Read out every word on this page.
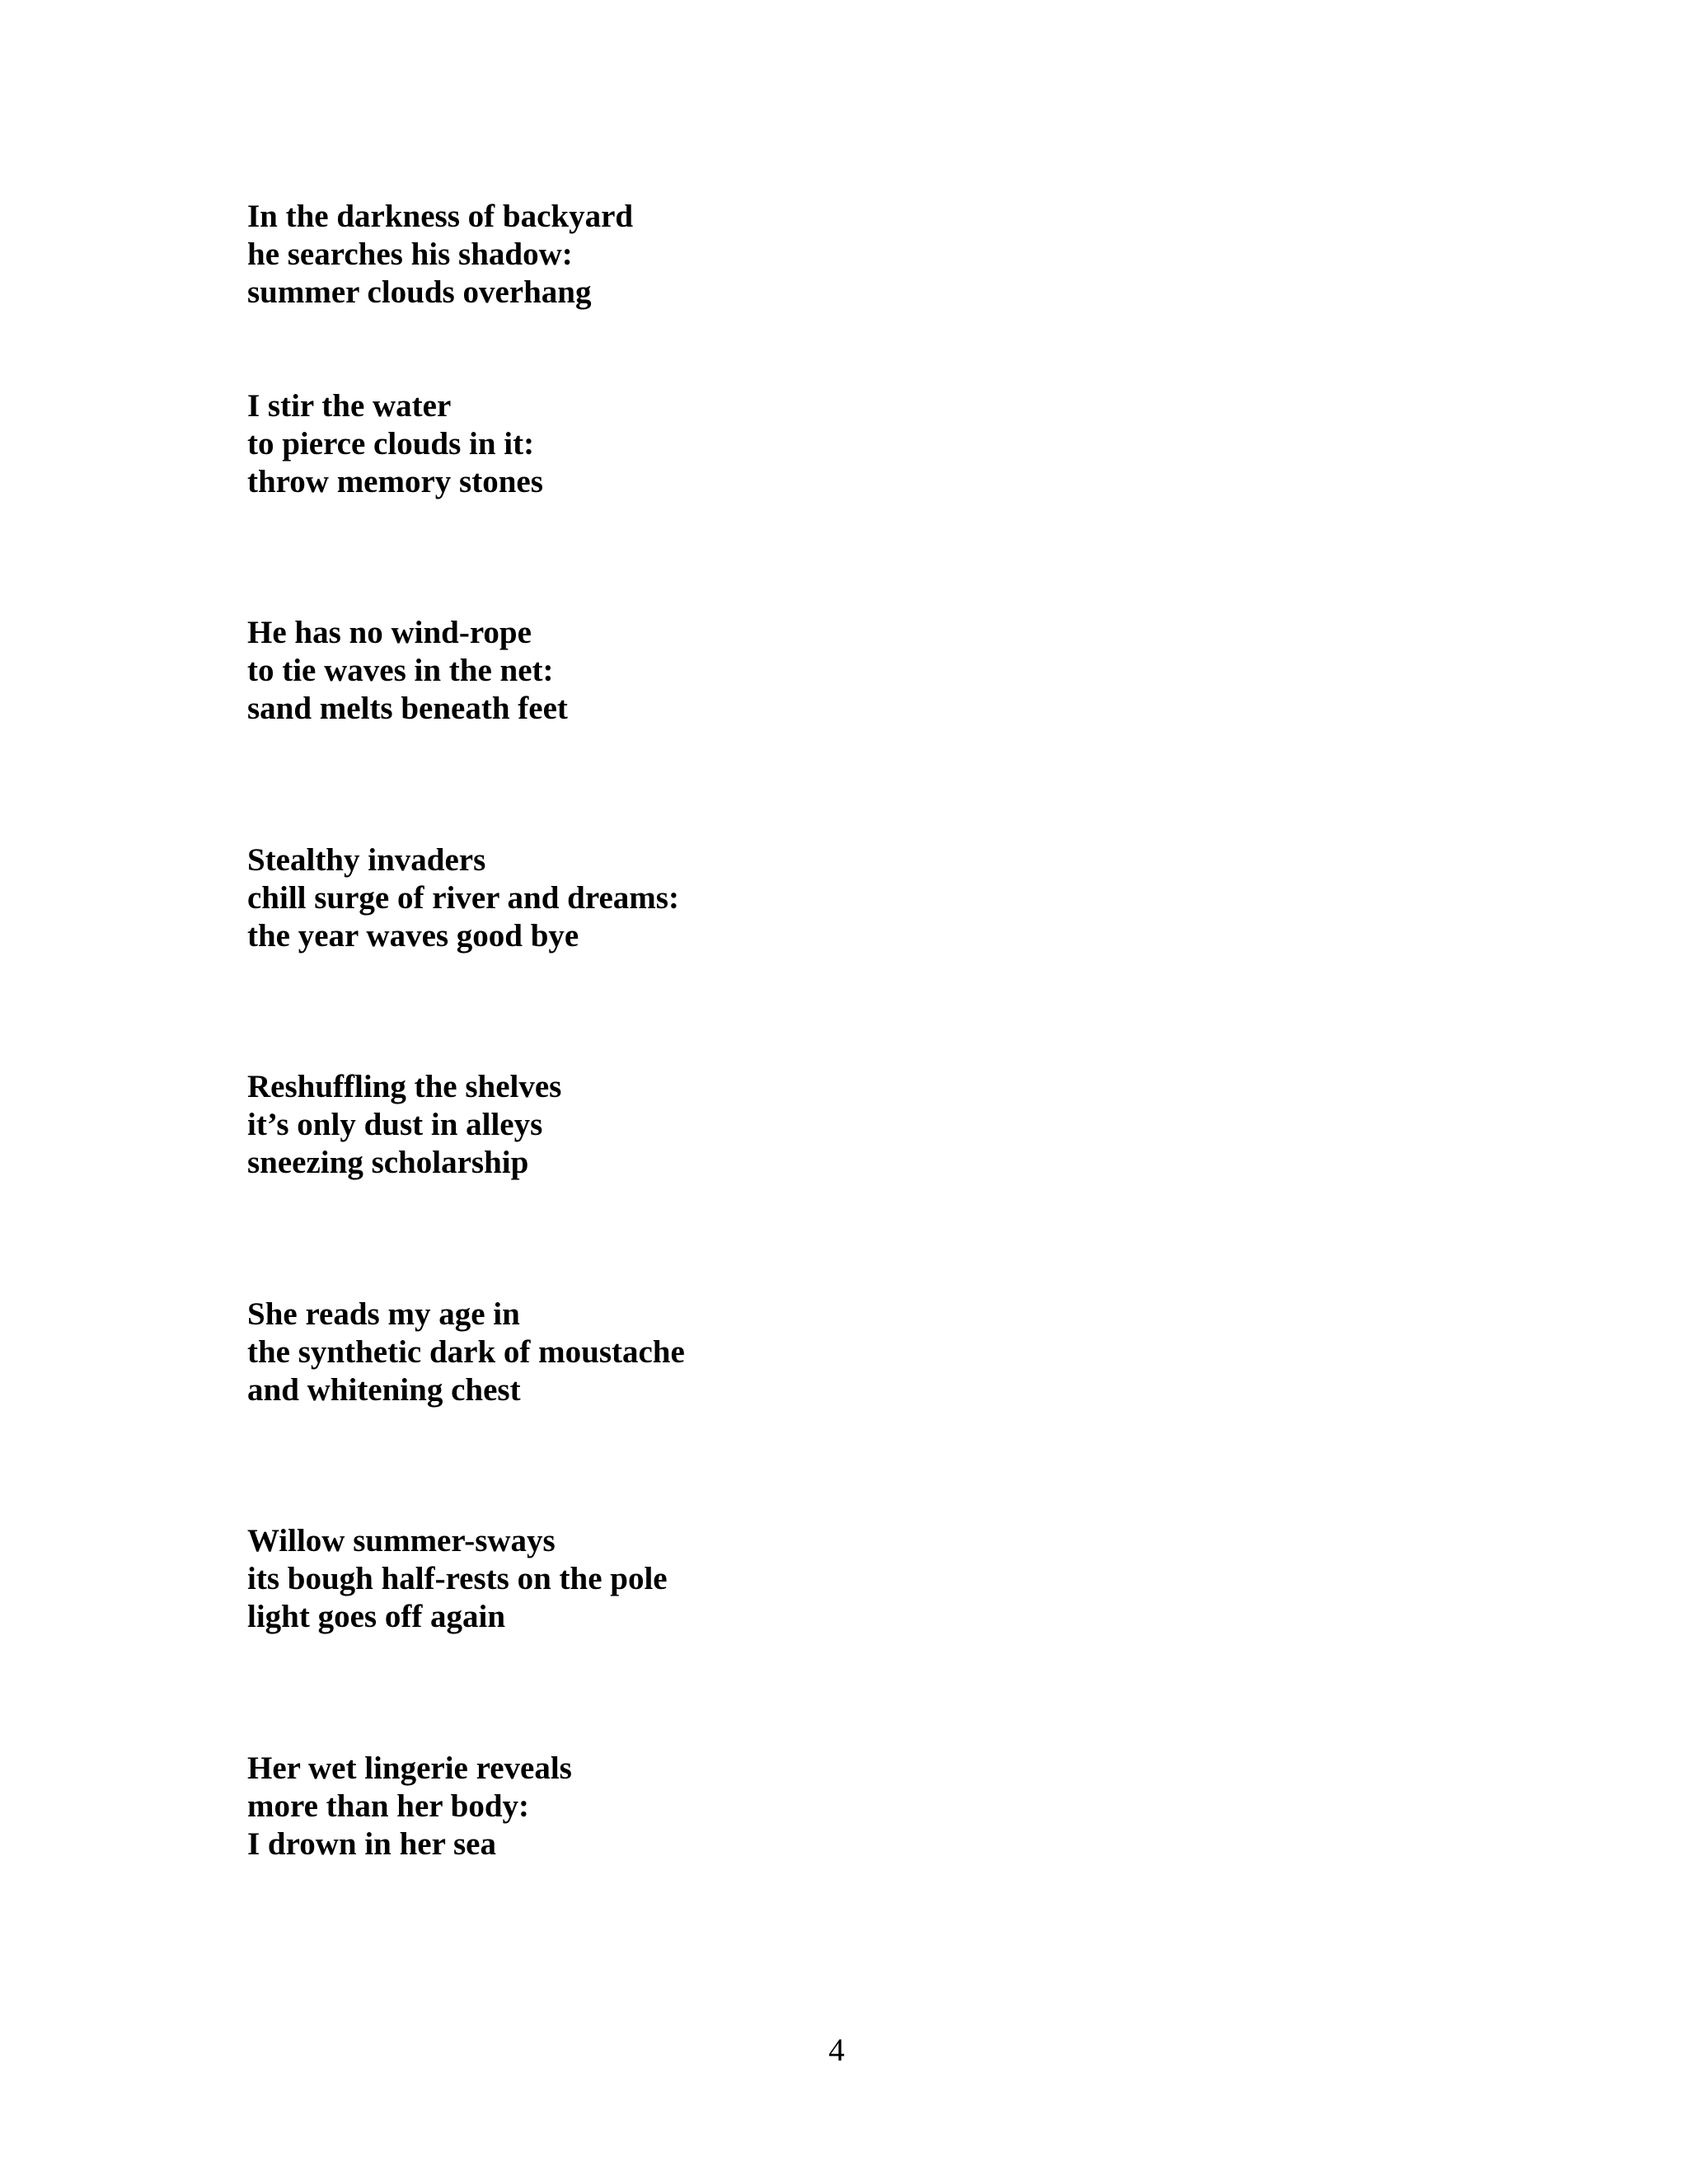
In the darkness of backyard
he searches his shadow:
summer clouds overhang

I stir the water
to pierce clouds in it:
throw memory stones

He has no wind-rope
to tie waves in the net:
sand melts beneath feet

Stealthy invaders
chill surge of river and dreams:
the year waves good bye

Reshuffling the shelves
it’s only dust in alleys
sneezing scholarship

She reads my age in
the synthetic dark of moustache
and whitening chest

Willow summer-sways
its bough half-rests on the pole
light goes off again

Her wet lingerie reveals
more than her body:
I drown in her sea

4
